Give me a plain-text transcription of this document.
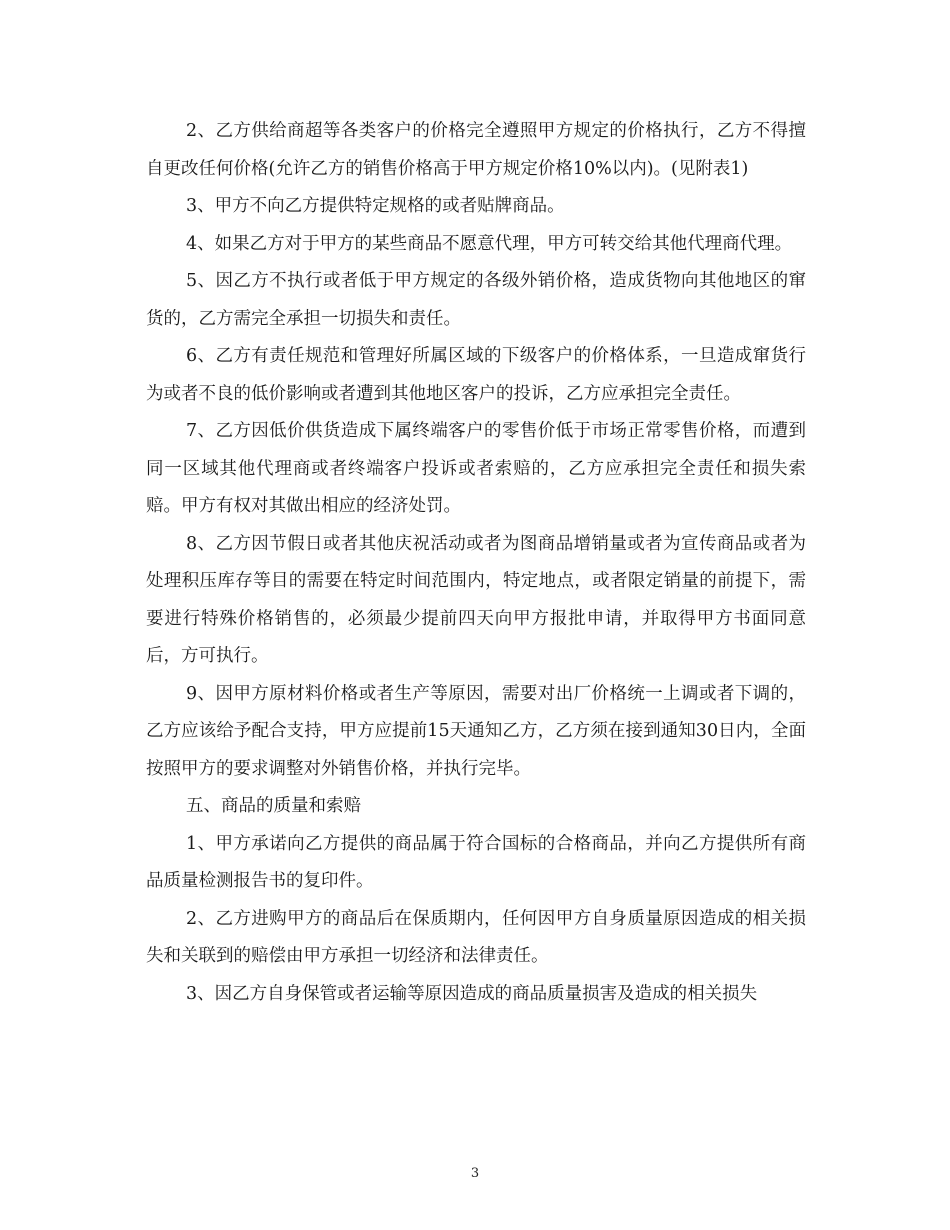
2、乙方供给商超等各类客户的价格完全遵照甲方规定的价格执行，乙方不得擅自更改任何价格(允许乙方的销售价格高于甲方规定价格10%以内)。(见附表1)

3、甲方不向乙方提供特定规格的或者贴牌商品。

4、如果乙方对于甲方的某些商品不愿意代理，甲方可转交给其他代理商代理。

5、因乙方不执行或者低于甲方规定的各级外销价格，造成货物向其他地区的窜货的，乙方需完全承担一切损失和责任。

6、乙方有责任规范和管理好所属区域的下级客户的价格体系，一旦造成窜货行为或者不良的低价影响或者遭到其他地区客户的投诉，乙方应承担完全责任。

7、乙方因低价供货造成下属终端客户的零售价低于市场正常零售价格，而遭到同一区域其他代理商或者终端客户投诉或者索赔的，乙方应承担完全责任和损失索赔。甲方有权对其做出相应的经济处罚。

8、乙方因节假日或者其他庆祝活动或者为图商品增销量或者为宣传商品或者为处理积压库存等目的需要在特定时间范围内，特定地点，或者限定销量的前提下，需要进行特殊价格销售的，必须最少提前四天向甲方报批申请，并取得甲方书面同意后，方可执行。

9、因甲方原材料价格或者生产等原因，需要对出厂价格统一上调或者下调的，乙方应该给予配合支持，甲方应提前15天通知乙方，乙方须在接到通知30日内，全面按照甲方的要求调整对外销售价格，并执行完毕。

五、商品的质量和索赔

1、甲方承诺向乙方提供的商品属于符合国标的合格商品，并向乙方提供所有商品质量检测报告书的复印件。

2、乙方进购甲方的商品后在保质期内，任何因甲方自身质量原因造成的相关损失和关联到的赔偿由甲方承担一切经济和法律责任。

3、因乙方自身保管或者运输等原因造成的商品质量损害及造成的相关损失

3
